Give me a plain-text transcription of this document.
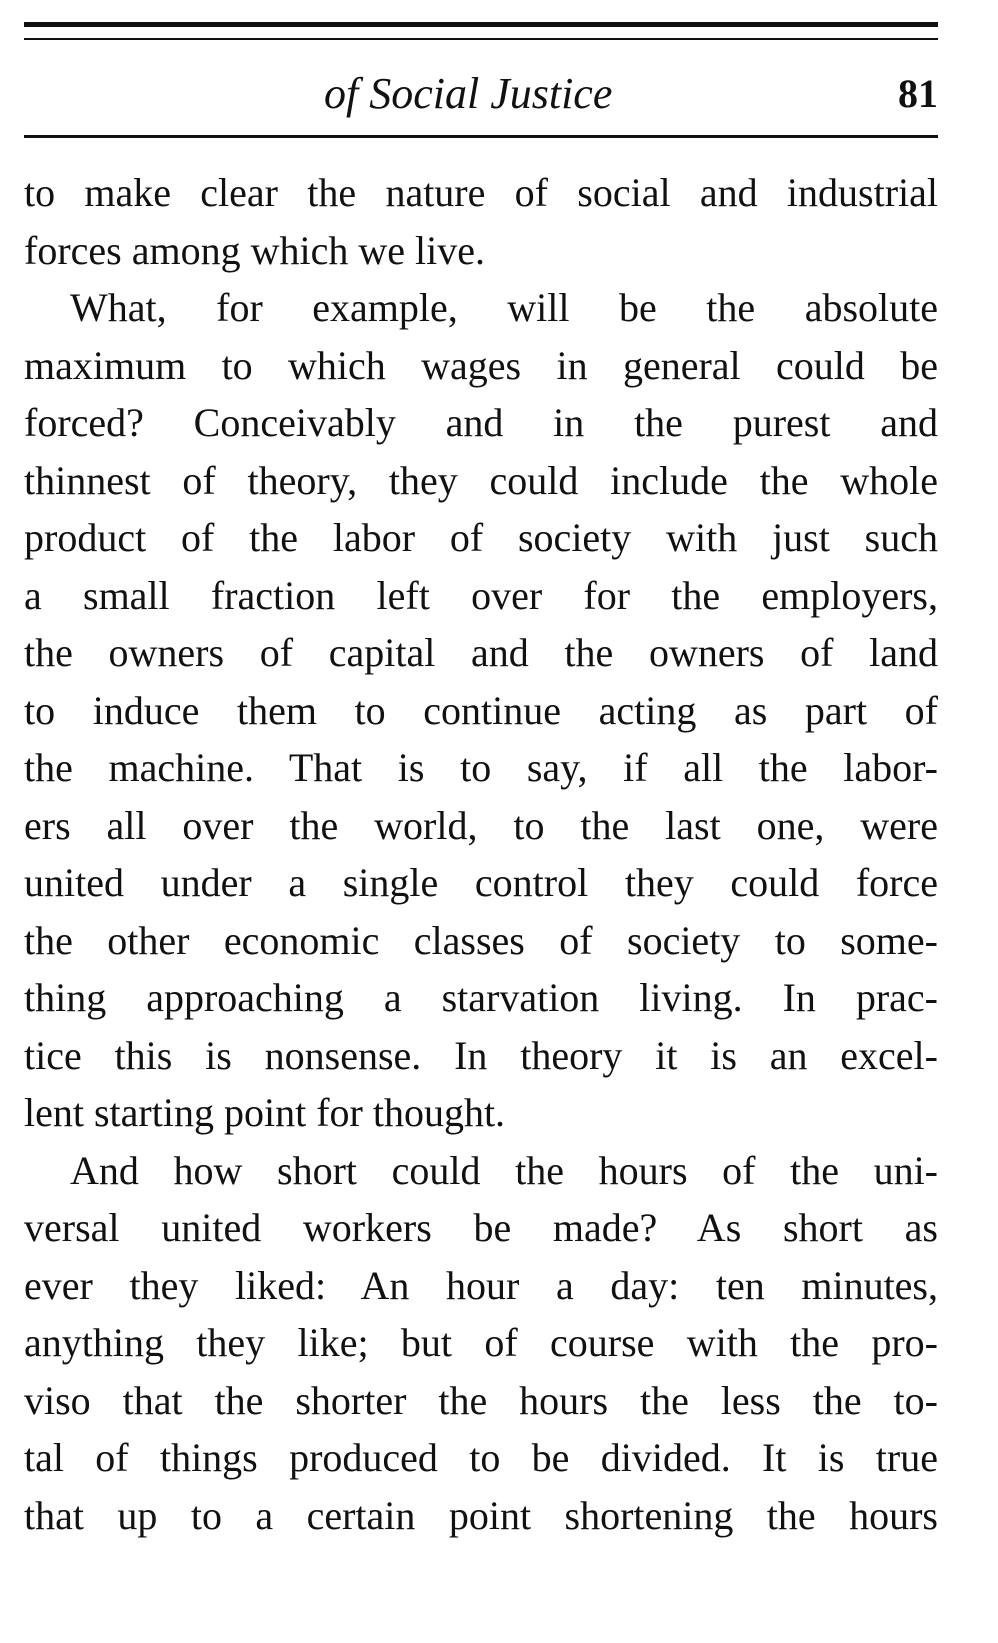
of Social Justice	81
to make clear the nature of social and industrial
forces among which we live.
What, for example, will be the absolute
maximum to which wages in general could be
forced? Conceivably and in the purest and
thinnest of theory, they could include the whole
product of the labor of society with just such
a small fraction left over for the employers,
the owners of capital and the owners of land
to induce them to continue acting as part of
the machine. That is to say, if all the labor-
ers all over the world, to the last one, were
united under a single control they could force
the other economic classes of society to some-
thing approaching a starvation living. In prac-
tice this is nonsense. In theory it is an excel-
lent starting point for thought.
And how short could the hours of the uni-
versal united workers be made? As short as
ever they liked: An hour a day: ten minutes,
anything they like; but of course with the pro-
viso that the shorter the hours the less the to-
tal of things produced to be divided. It is true
that up to a certain point shortening the hours
